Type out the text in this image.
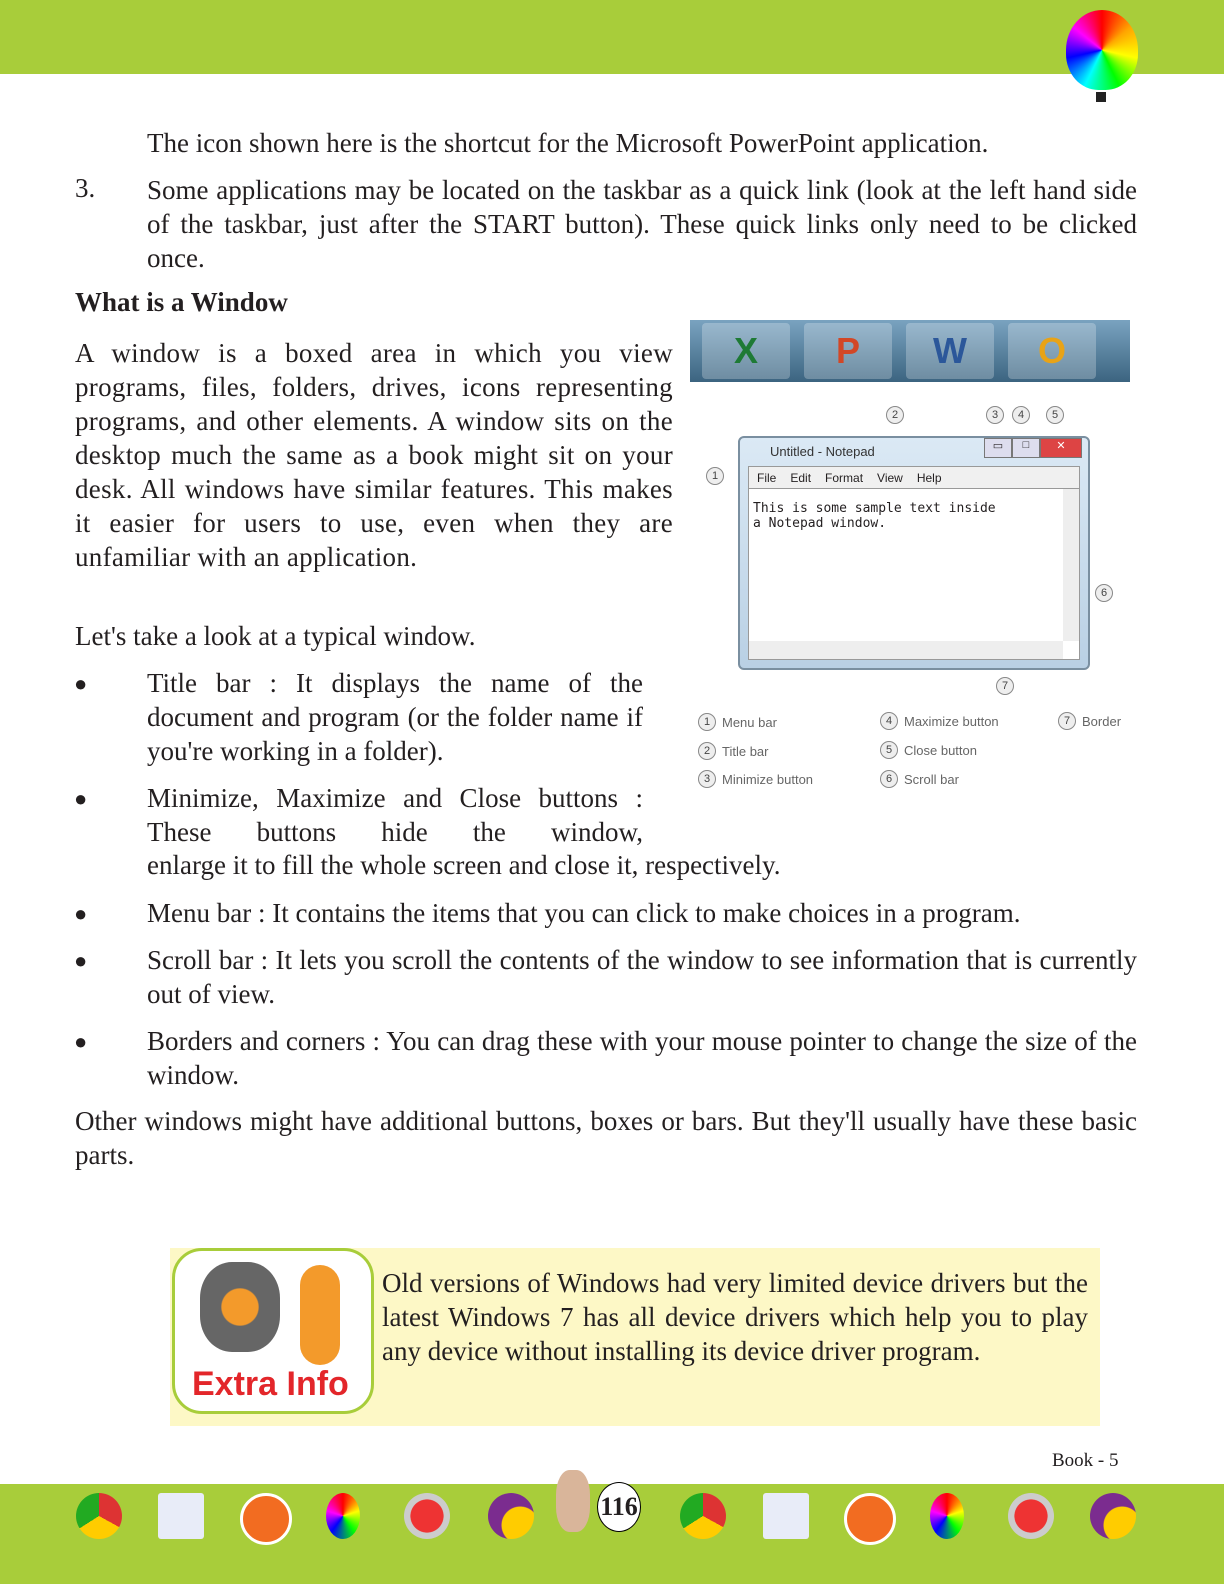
The icon shown here is the shortcut for the Microsoft PowerPoint application.
3. Some applications may be located on the taskbar as a quick link (look at the left hand side of the taskbar, just after the START button). These quick links only need to be clicked once.
What is a Window
A window is a boxed area in which you view programs, files, folders, drives, icons representing programs, and other elements. A window sits on the desktop much the same as a book might sit on your desk. All windows have similar features. This makes it easier for users to use, even when they are unfamiliar with an application.
Let's take a look at a typical window.
● Title bar : It displays the name of the document and program (or the folder name if you're working in a folder).
● Minimize, Maximize and Close buttons : These buttons hide the window,
enlarge it to fill the whole screen and close it, respectively.
● Menu bar : It contains the items that you can click to make choices in a program.
● Scroll bar : It lets you scroll the contents of the window to see information that is currently out of view.
● Borders and corners : You can drag these with your mouse pointer to change the size of the window.
Other windows might have additional buttons, boxes or bars. But they'll usually have these basic parts.
X	P	W	O
Untitled - Notepad	▭	□	✕
File Edit Format View Help
This is some sample text inside
a Notepad window.
1
2	3	4	5
6
7
1 Menu bar
2 Title bar
3 Minimize button
4 Maximize button
5 Close button
6 Scroll bar
7 Border
Extra Info
Old versions of Windows had very limited device drivers but the latest Windows 7 has all device drivers which help you to play any device without installing its device driver program.
Book - 5
116
